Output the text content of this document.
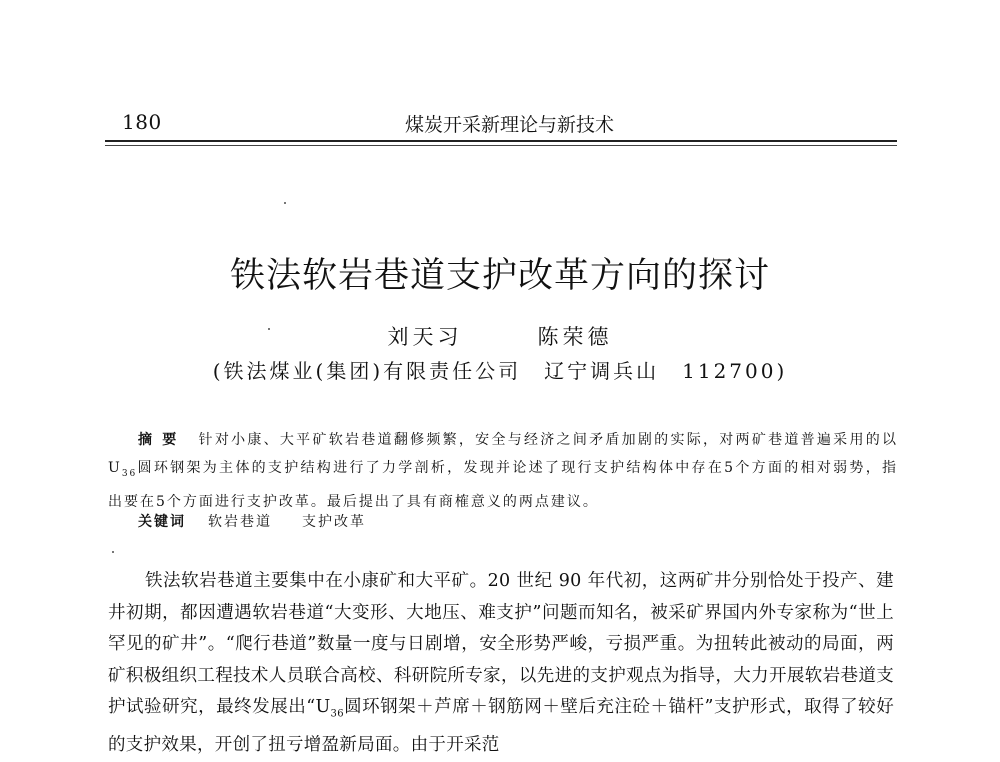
180	煤炭开采新理论与新技术
铁法软岩巷道支护改革方向的探讨
刘天习	陈荣德
(铁法煤业(集团)有限责任公司　辽宁调兵山　112700)
摘要 针对小康、大平矿软岩巷道翻修频繁，安全与经济之间矛盾加剧的实际，对两矿巷道普遍采用的以 $U_{36}$圆环钢架为主体的支护结构进行了力学剖析，发现并论述了现行支护结构体中存在5个方面的相对弱势，指出要在5个方面进行支护改革。最后提出了具有商榷意义的两点建议。
关键词 软岩巷道 支护改革
铁法软岩巷道主要集中在小康矿和大平矿。20 世纪 90 年代初，这两矿井分别恰处于投产、建井初期，都因遭遇软岩巷道“大变形、大地压、难支护”问题而知名，被采矿界国内外专家称为“世上罕见的矿井”。“爬行巷道”数量一度与日剧增，安全形势严峻，亏损严重。为扭转此被动的局面，两矿积极组织工程技术人员联合高校、科研院所专家，以先进的支护观点为指导，大力开展软岩巷道支护试验研究，最终发展出“$U_{36}$圆环钢架＋芦席＋钢筋网＋壁后充注砼＋锚杆”支护形式，取得了较好的支护效果，开创了扭亏增盈新局面。由于开采范
